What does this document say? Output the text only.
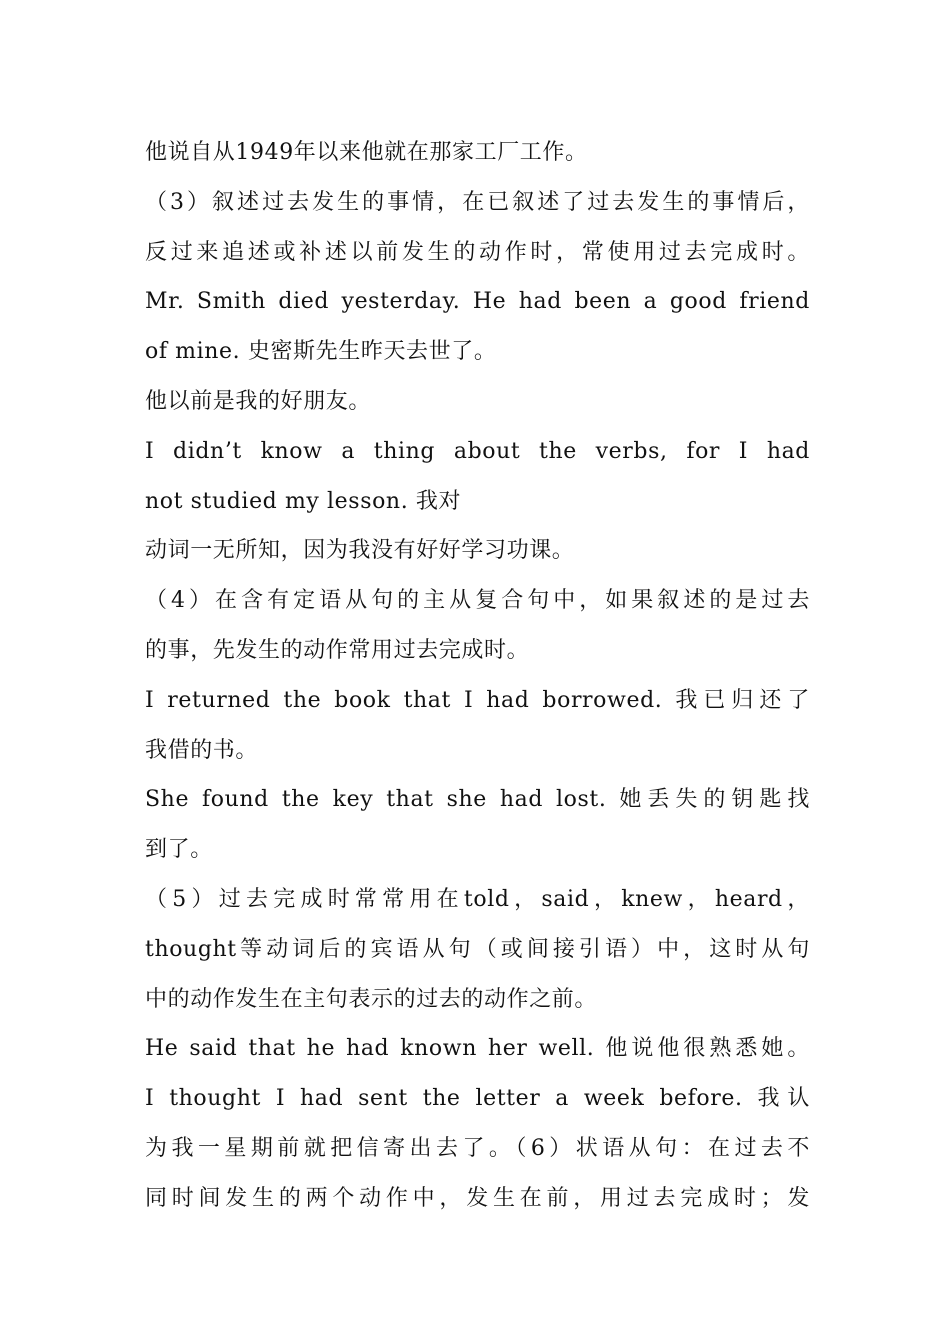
他说自从1949年以来他就在那家工厂工作。
（3）叙述过去发生的事情，在已叙述了过去发生的事情后，
反过来追述或补述以前发生的动作时，常使用过去完成时。
Mr. Smith died yesterday. He had been a good friend
of mine. 史密斯先生昨天去世了。
他以前是我的好朋友。
I didn’t know a thing about the verbs, for I had
not studied my lesson. 我对
动词一无所知，因为我没有好好学习功课。
（4）在含有定语从句的主从复合句中，如果叙述的是过去
的事，先发生的动作常用过去完成时。
I returned the book that I had borrowed. 我已归还了
我借的书。
She found the key that she had lost. 她丢失的钥匙找
到了。
（5）过去完成时常常用在told，said，knew，heard，
thought等动词后的宾语从句（或间接引语）中，这时从句
中的动作发生在主句表示的过去的动作之前。
He said that he had known her well. 他说他很熟悉她。
I thought I had sent the letter a week before. 我认
为我一星期前就把信寄出去了。（6）状语从句：在过去不
同时间发生的两个动作中，发生在前，用过去完成时；发
